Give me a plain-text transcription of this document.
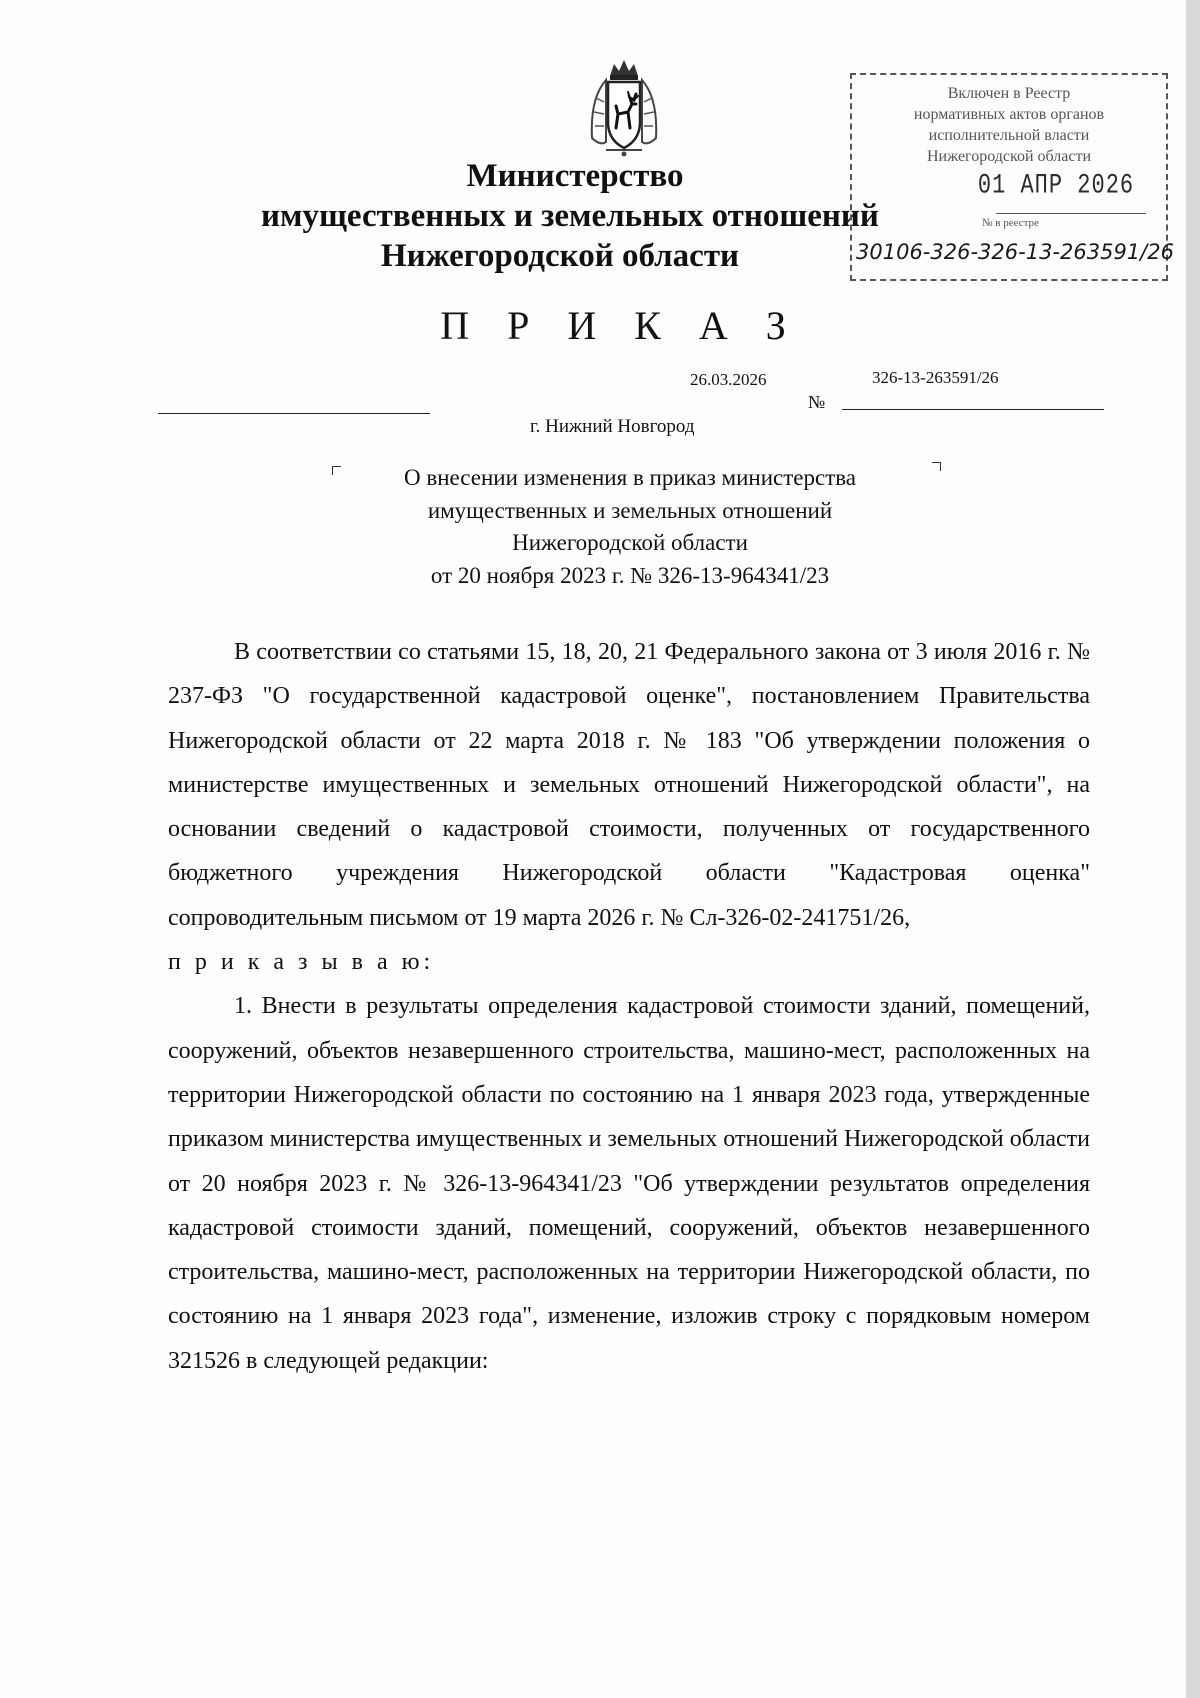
Министерство
имущественных и земельных отношений
Нижегородской области
Включен в Реестр
нормативных актов органов
исполнительной власти
Нижегородской области
01 АПР 2026
№ в реестре
30106-326-326-13-263591/26
П Р И К А З
26.03.2026	326-13-263591/26
№
г. Нижний Новгород
О внесении изменения в приказ министерства
имущественных и земельных отношений
Нижегородской области
от 20 ноября 2023 г. № 326-13-964341/23

В соответствии со статьями 15, 18, 20, 21 Федерального закона от 3 июля 2016 г. № 237-ФЗ "О государственной кадастровой оценке", постановлением Правительства Нижегородской области от 22 марта 2018 г. № 183 "Об утверждении положения о министерстве имущественных и земельных отношений Нижегородской области", на основании сведений о кадастровой стоимости, полученных от государственного бюджетного учреждения Нижегородской области "Кадастровая оценка" сопроводительным письмом от 19 марта 2026 г. № Сл-326-02-241751/26,

п р и к а з ы в а ю:

1. Внести в результаты определения кадастровой стоимости зданий, помещений, сооружений, объектов незавершенного строительства, машино-мест, расположенных на территории Нижегородской области по состоянию на 1 января 2023 года, утвержденные приказом министерства имущественных и земельных отношений Нижегородской области от 20 ноября 2023 г. № 326-13-964341/23 "Об утверждении результатов определения кадастровой стоимости зданий, помещений, сооружений, объектов незавершенного строительства, машино-мест, расположенных на территории Нижегородской области, по состоянию на 1 января 2023 года", изменение, изложив строку с порядковым номером 321526 в следующей редакции:
